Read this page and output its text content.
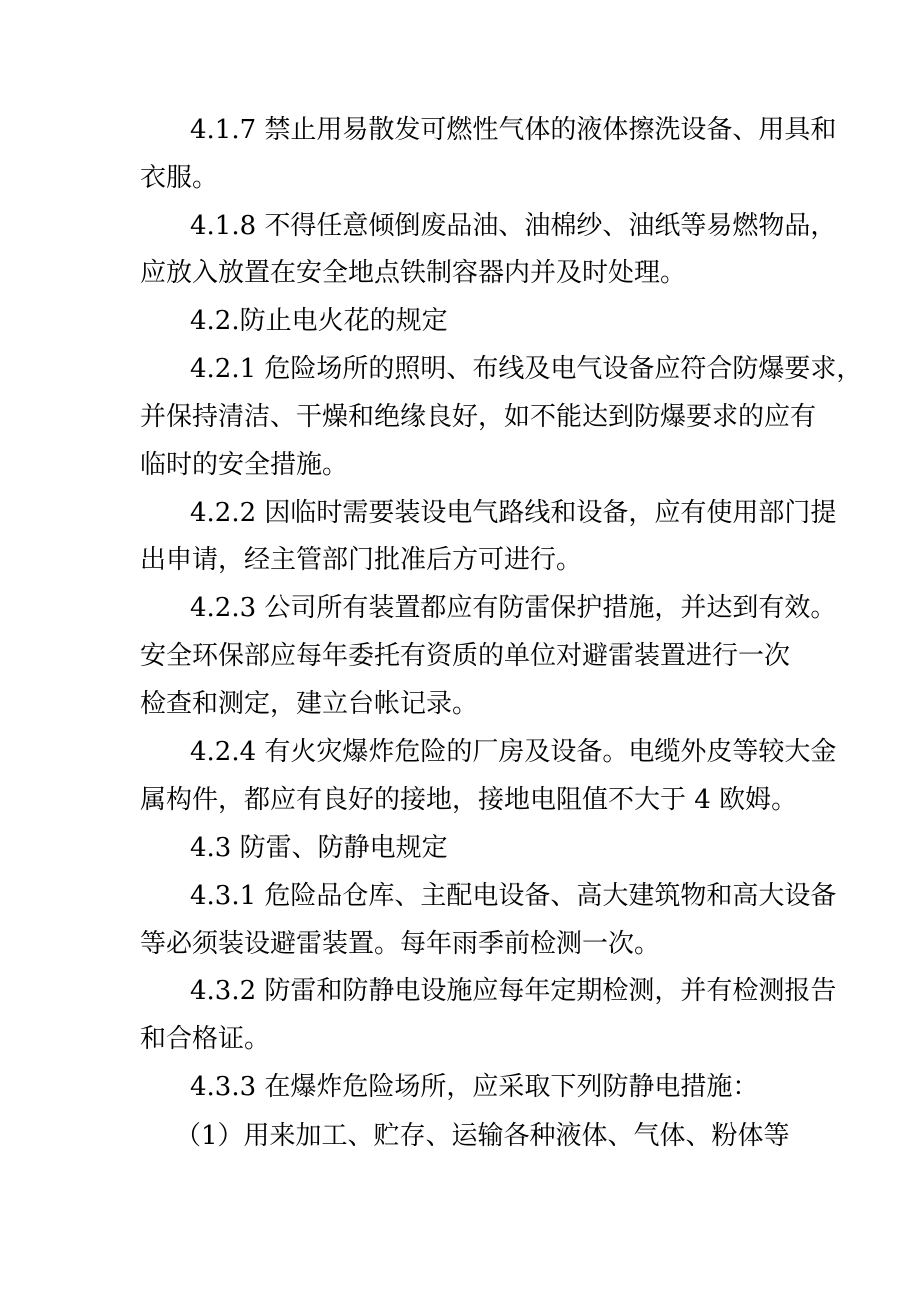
4.1.7 禁止用易散发可燃性气体的液体擦洗设备、用具和
衣服。
4.1.8 不得任意倾倒废品油、油棉纱、油纸等易燃物品，
应放入放置在安全地点铁制容器内并及时处理。
4.2.防止电火花的规定
4.2.1 危险场所的照明、布线及电气设备应符合防爆要求，
并保持清洁、干燥和绝缘良好，如不能达到防爆要求的应有
临时的安全措施。
4.2.2 因临时需要装设电气路线和设备，应有使用部门提
出申请，经主管部门批准后方可进行。
4.2.3 公司所有装置都应有防雷保护措施，并达到有效。
安全环保部应每年委托有资质的单位对避雷装置进行一次
检查和测定，建立台帐记录。
4.2.4 有火灾爆炸危险的厂房及设备。电缆外皮等较大金
属构件，都应有良好的接地，接地电阻值不大于 4 欧姆。
4.3 防雷、防静电规定
4.3.1 危险品仓库、主配电设备、高大建筑物和高大设备
等必须装设避雷装置。每年雨季前检测一次。
4.3.2 防雷和防静电设施应每年定期检测，并有检测报告
和合格证。
4.3.3 在爆炸危险场所，应采取下列防静电措施：
（1）用来加工、贮存、运输各种液体、气体、粉体等
